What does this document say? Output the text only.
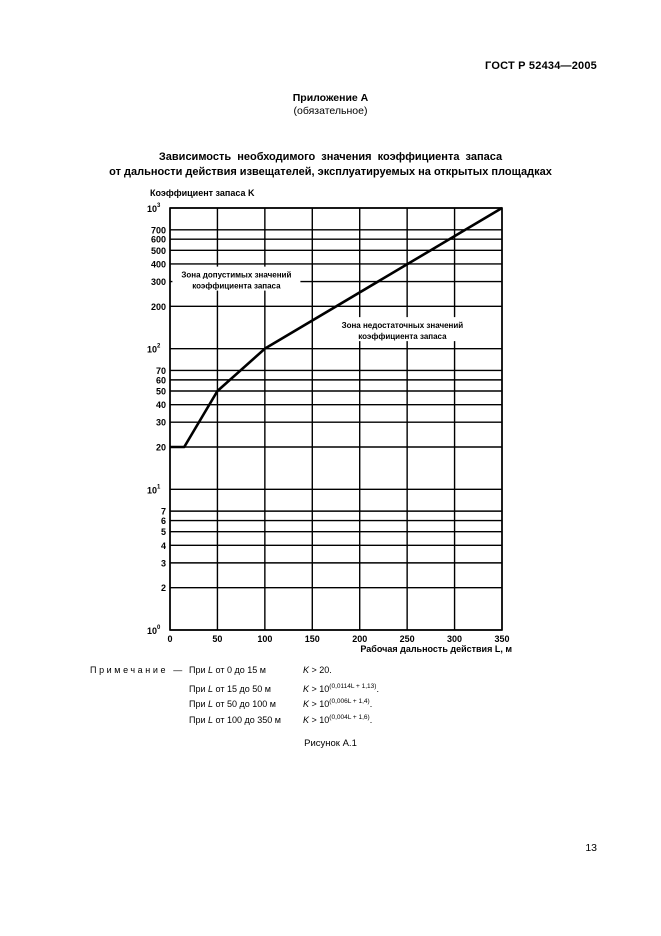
ГОСТ Р 52434—2005
Приложение А
(обязательное)
Зависимость необходимого значения коэффициента запаса
от дальности действия извещателей, эксплуатируемых на открытых площадках
Зона допустимых значений
коэффициента запаса
Зона недостаточных значений
коэффициента запаса
10 0
2
3
4
5
6
7
10 1
20
30
40
50
60
70
10 2
200
300
400
500
600
700
10 3
0	50	100	150	200	250	300	350
Коэффициент запаса K
Рабочая дальность действия L, м
Примечание — При L от 0 до 15 м	K > 20.
При L от 15 до 50 м	$K > 10^{(0,0114L + 1,13)}$.
При L от 50 до 100 м	$K > 10^{(0,006L + 1,4)}$.
При L от 100 до 350 м $K > 10^{(0,004L + 1,6)}$.
Рисунок А.1
13
